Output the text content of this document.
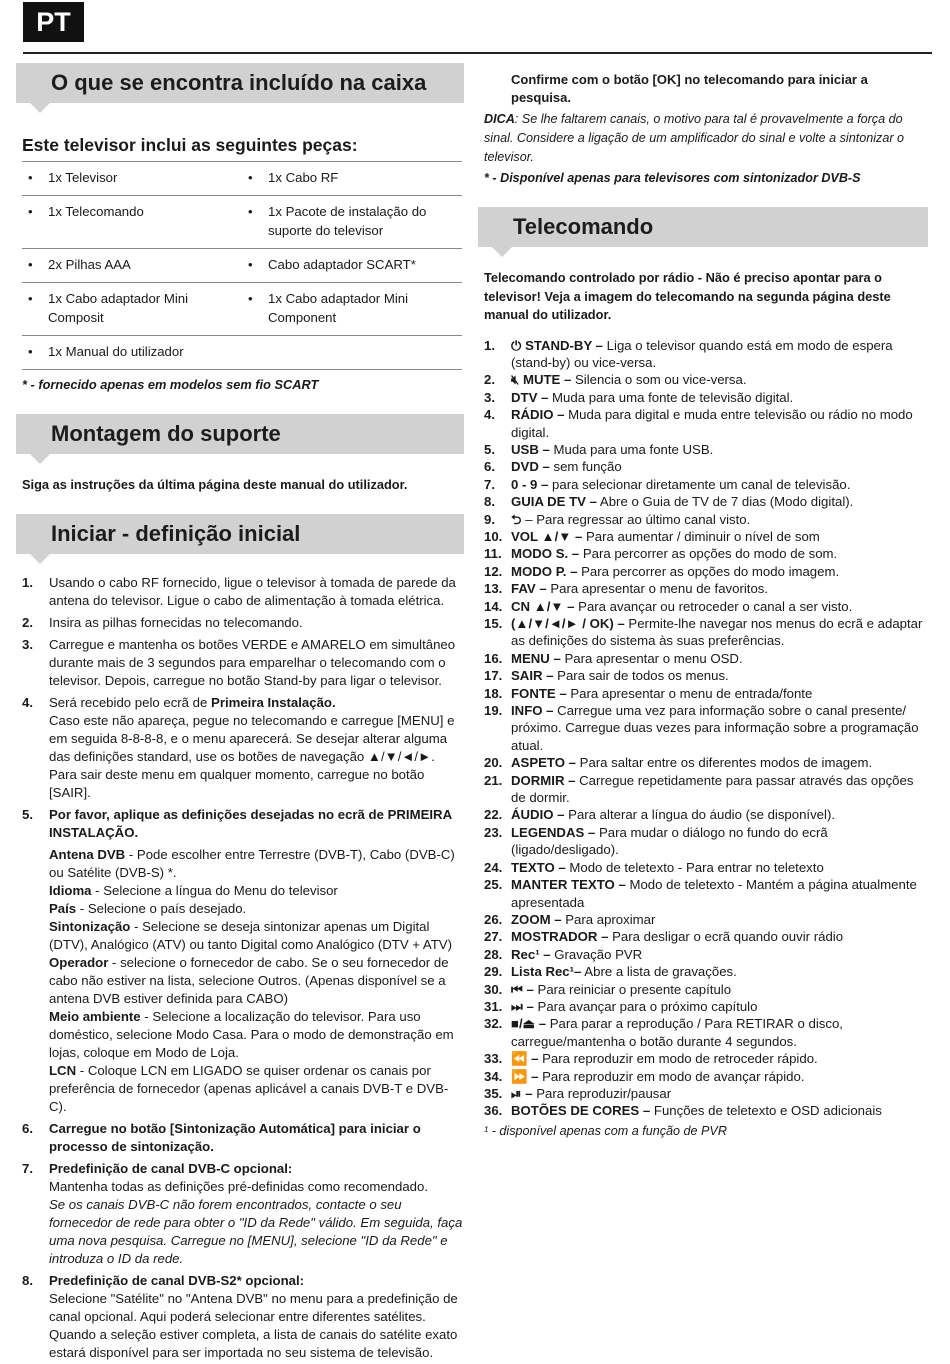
PT
O que se encontra incluído na caixa
Este televisor inclui as seguintes peças:
• 1x Televisor	• 1x Cabo RF

• 1x Telecomando	• 1x Pacote de instalação do suporte do televisor

• 2x Pilhas AAA	• Cabo adaptador SCART*

• 1x Cabo adaptador Mini Composit	• 1x Cabo adaptador Mini Component

• 1x Manual do utilizador	

* - fornecido apenas em modelos sem fio SCART
Montagem do suporte
Siga as instruções da última página deste manual do utilizador.
Iniciar - definição inicial
1.	Usando o cabo RF fornecido, ligue o televisor à tomada de parede da antena do televisor. Ligue o cabo de alimentação à tomada elétrica.
2.	Insira as pilhas fornecidas no telecomando.
3.	Carregue e mantenha os botões VERDE e AMARELO em simultâneo durante mais de 3 segundos para emparelhar o telecomando com o televisor. Depois, carregue no botão Stand-by para ligar o televisor.
4.	Será recebido pelo ecrã de Primeira Instalação.
Caso este não apareça, pegue no telecomando e carregue [MENU] e em seguida 8-8-8-8, e o menu aparecerá. Se desejar alterar alguma das definições standard, use os botões de navegação ▲/▼/◄/►. Para sair deste menu em qualquer momento, carregue no botão [SAIR].
5.	Por favor, aplique as definições desejadas no ecrã de PRIMEIRA INSTALAÇÃO.
Antena DVB - Pode escolher entre Terrestre (DVB-T), Cabo (DVB-C) ou Satélite (DVB-S) *.
Idioma - Selecione a língua do Menu do televisor
País - Selecione o país desejado.
Sintonização - Selecione se deseja sintonizar apenas um Digital (DTV), Analógico (ATV) ou tanto Digital como Analógico (DTV + ATV)
Operador - selecione o fornecedor de cabo. Se o seu fornecedor de cabo não estiver na lista, selecione Outros. (Apenas disponível se a antena DVB estiver definida para CABO)
Meio ambiente - Selecione a localização do televisor. Para uso doméstico, selecione Modo Casa. Para o modo de demonstração em lojas, coloque em Modo de Loja.
LCN - Coloque LCN em LIGADO se quiser ordenar os canais por preferência de fornecedor (apenas aplicável a canais DVB-T e DVB-C).
6.	Carregue no botão [Sintonização Automática] para iniciar o processo de sintonização.
7.	Predefinição de canal DVB-C opcional:
Mantenha todas as definições pré-definidas como recomendado.
Se os canais DVB-C não forem encontrados, contacte o seu fornecedor de rede para obter o "ID da Rede" válido. Em seguida, faça uma nova pesquisa. Carregue no [MENU], selecione "ID da Rede" e introduza o ID da rede.
8.	Predefinição de canal DVB-S2* opcional:
Selecione "Satélite" no "Antena DVB" no menu para a predefinição de canal opcional. Aqui poderá selecionar entre diferentes satélites. Quando a seleção estiver completa, a lista de canais do satélite exato estará disponível para ser importada no seu sistema de televisão.
Confirme com o botão [OK] no telecomando para iniciar a pesquisa.
DICA: Se lhe faltarem canais, o motivo para tal é provavelmente a força do sinal. Considere a ligação de um amplificador do sinal e volte a sintonizar o televisor.
* - Disponível apenas para televisores com sintonizador DVB-S
Telecomando
Telecomando controlado por rádio - Não é preciso apontar para o televisor! Veja a imagem do telecomando na segunda página deste manual do utilizador.
1.	⏻ STAND-BY – Liga o televisor quando está em modo de espera (stand-by) ou vice-versa.
2.	🔇︎ MUTE – Silencia o som ou vice-versa.
3.	DTV – Muda para uma fonte de televisão digital.
4.	RÁDIO – Muda para digital e muda entre televisão ou rádio no modo digital.
5.	USB – Muda para uma fonte USB.
6.	DVD – sem função
7.	0 - 9 – para selecionar diretamente um canal de televisão.
8.	GUIA DE TV – Abre o Guia de TV de 7 dias (Modo digital).
9.	⮌ – Para regressar ao último canal visto.
10. VOL ▲/▼ – Para aumentar / diminuir o nível de som
11. MODO S. – Para percorrer as opções do modo de som.
12. MODO P. – Para percorrer as opções do modo imagem.
13. FAV – Para apresentar o menu de favoritos.
14. CN ▲/▼ – Para avançar ou retroceder o canal a ser visto.
15. (▲/▼/◄/► / OK) – Permite-lhe navegar nos menus do ecrã e adaptar as definições do sistema às suas preferências.
16. MENU – Para apresentar o menu OSD.
17. SAIR – Para sair de todos os menus.
18. FONTE – Para apresentar o menu de entrada/fonte
19. INFO – Carregue uma vez para informação sobre o canal presente/ próximo. Carregue duas vezes para informação sobre a programação atual.
20. ASPETO – Para saltar entre os diferentes modos de imagem.
21. DORMIR – Carregue repetidamente para passar através das opções de dormir.
22. ÁUDIO – Para alterar a língua do áudio (se disponível).
23. LEGENDAS – Para mudar o diálogo no fundo do ecrã (ligado/desligado).
24. TEXTO – Modo de teletexto - Para entrar no teletexto
25. MANTER TEXTO – Modo de teletexto - Mantém a página atualmente apresentada
26. ZOOM – Para aproximar
27. MOSTRADOR – Para desligar o ecrã quando ouvir rádio
28. Rec¹ – Gravação PVR
29. Lista Rec¹– Abre a lista de gravações.
30. ⏮ – Para reiniciar o presente capítulo
31. ⏭ – Para avançar para o próximo capítulo
32. ■/⏏ – Para parar a reprodução / Para RETIRAR o disco, carregue/mantenha o botão durante 4 segundos.
33. ⏪ – Para reproduzir em modo de retroceder rápido.
34. ⏩ – Para reproduzir em modo de avançar rápido.
35. ⏯ – Para reproduzir/pausar
36. BOTÕES DE CORES – Funções de teletexto e OSD adicionais
¹ - disponível apenas com a função de PVR
